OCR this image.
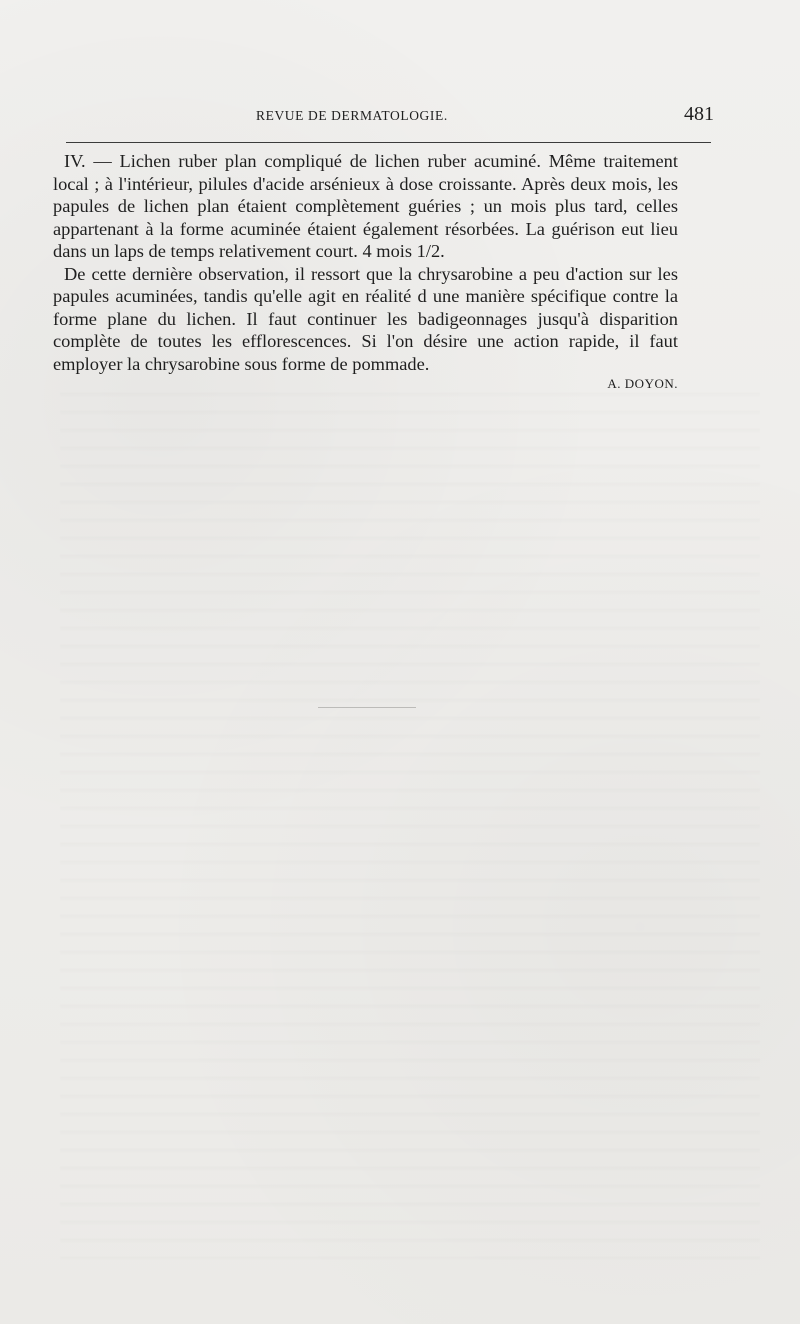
REVUE DE DERMATOLOGIE.	481

IV. — Lichen ruber plan compliqué de lichen ruber acuminé. Même traitement local ; à l'intérieur, pilules d'acide arsénieux à dose croissante. Après deux mois, les papules de lichen plan étaient complètement guéries ; un mois plus tard, celles appartenant à la forme acuminée étaient également résorbées. La guérison eut lieu dans un laps de temps relativement court. 4 mois 1/2.

De cette dernière observation, il ressort que la chrysarobine a peu d'action sur les papules acuminées, tandis qu'elle agit en réalité d une manière spécifique contre la forme plane du lichen. Il faut continuer les badigeonnages jusqu'à disparition complète de toutes les efflorescences. Si l'on désire une action rapide, il faut employer la chrysarobine sous forme de pommade.

A. DOYON.
